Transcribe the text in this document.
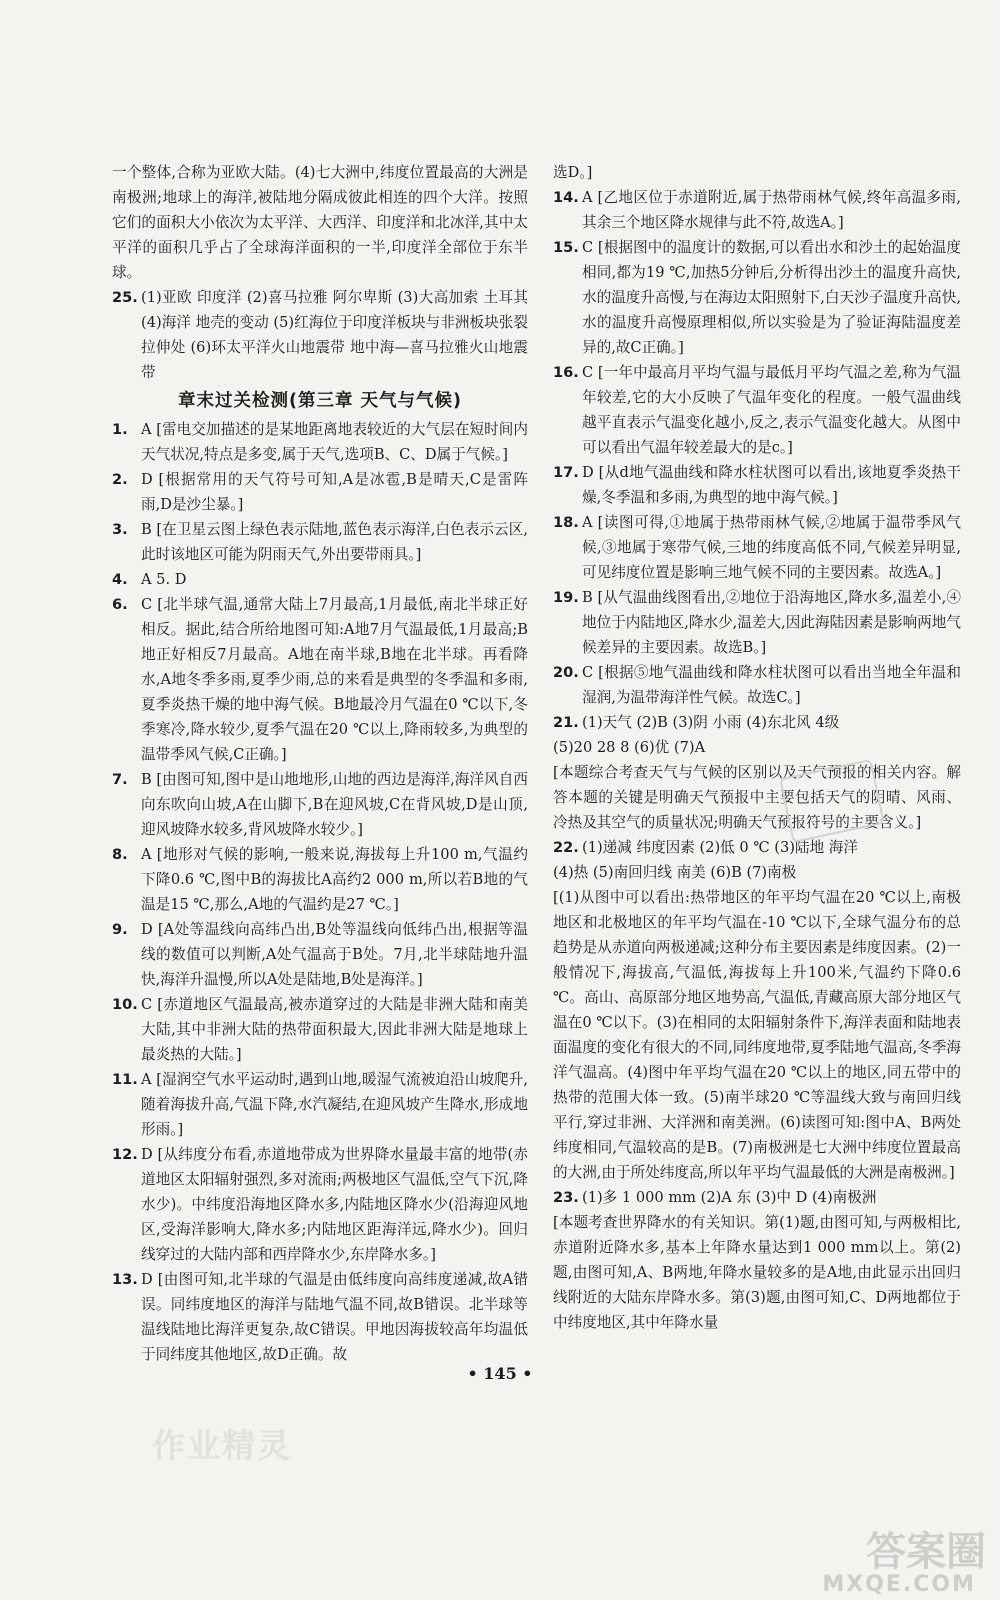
一个整体,合称为亚欧大陆。(4)七大洲中,纬度位置最高的大洲是南极洲;地球上的海洋,被陆地分隔成彼此相连的四个大洋。按照它们的面积大小依次为太平洋、大西洋、印度洋和北冰洋,其中太平洋的面积几乎占了全球海洋面积的一半,印度洋全部位于东半球。
25. (1)亚欧 印度洋 (2)喜马拉雅 阿尔卑斯 (3)大高加索 土耳其 (4)海洋 地壳的变动 (5)红海位于印度洋板块与非洲板块张裂拉伸处 (6)环太平洋火山地震带 地中海—喜马拉雅火山地震带
章末过关检测(第三章 天气与气候)
1. A [雷电交加描述的是某地距离地表较近的大气层在短时间内天气状况,特点是多变,属于天气,选项B、C、D属于气候。]
2. D [根据常用的天气符号可知,A是冰雹,B是晴天,C是雷阵雨,D是沙尘暴。]
3. B [在卫星云图上绿色表示陆地,蓝色表示海洋,白色表示云区,此时该地区可能为阴雨天气,外出要带雨具。]
4. A 5. D
6. C [北半球气温,通常大陆上7月最高,1月最低,南北半球正好相反。据此,结合所给地图可知:A地7月气温最低,1月最高;B地正好相反7月最高。A地在南半球,B地在北半球。再看降水,A地冬季多雨,夏季少雨,总的来看是典型的冬季温和多雨,夏季炎热干燥的地中海气候。B地最冷月气温在0 ℃以下,冬季寒冷,降水较少,夏季气温在20 ℃以上,降雨较多,为典型的温带季风气候,C正确。]
7. B [由图可知,图中是山地地形,山地的西边是海洋,海洋风自西向东吹向山坡,A在山脚下,B在迎风坡,C在背风坡,D是山顶,迎风坡降水较多,背风坡降水较少。]
8. A [地形对气候的影响,一般来说,海拔每上升100 m,气温约下降0.6 ℃,图中B的海拔比A高约2 000 m,所以若B地的气温是15 ℃,那么,A地的气温约是27 ℃。]
9. D [A处等温线向高纬凸出,B处等温线向低纬凸出,根据等温线的数值可以判断,A处气温高于B处。7月,北半球陆地升温快,海洋升温慢,所以A处是陆地,B处是海洋。]
10. C [赤道地区气温最高,被赤道穿过的大陆是非洲大陆和南美大陆,其中非洲大陆的热带面积最大,因此非洲大陆是地球上最炎热的大陆。]
11. A [湿润空气水平运动时,遇到山地,暖湿气流被迫沿山坡爬升,随着海拔升高,气温下降,水汽凝结,在迎风坡产生降水,形成地形雨。]
12. D [从纬度分布看,赤道地带成为世界降水量最丰富的地带(赤道地区太阳辐射强烈,多对流雨;两极地区气温低,空气下沉,降水少)。中纬度沿海地区降水多,内陆地区降水少(沿海迎风地区,受海洋影响大,降水多;内陆地区距海洋远,降水少)。回归线穿过的大陆内部和西岸降水少,东岸降水多。]
13. D [由图可知,北半球的气温是由低纬度向高纬度递减,故A错误。同纬度地区的海洋与陆地气温不同,故B错误。北半球等温线陆地比海洋更复杂,故C错误。甲地因海拔较高年均温低于同纬度其他地区,故D正确。故
选D。]
14. A [乙地区位于赤道附近,属于热带雨林气候,终年高温多雨,其余三个地区降水规律与此不符,故选A。]
15. C [根据图中的温度计的数据,可以看出水和沙土的起始温度相同,都为19 ℃,加热5分钟后,分析得出沙土的温度升高快,水的温度升高慢,与在海边太阳照射下,白天沙子温度升高快,水的温度升高慢原理相似,所以实验是为了验证海陆温度差异的,故C正确。]
16. C [一年中最高月平均气温与最低月平均气温之差,称为气温年较差,它的大小反映了气温年变化的程度。一般气温曲线越平直表示气温变化越小,反之,表示气温变化越大。从图中可以看出气温年较差最大的是c。]
17. D [从d地气温曲线和降水柱状图可以看出,该地夏季炎热干燥,冬季温和多雨,为典型的地中海气候。]
18. A [读图可得,①地属于热带雨林气候,②地属于温带季风气候,③地属于寒带气候,三地的纬度高低不同,气候差异明显,可见纬度位置是影响三地气候不同的主要因素。故选A。]
19. B [从气温曲线图看出,②地位于沿海地区,降水多,温差小,④地位于内陆地区,降水少,温差大,因此海陆因素是影响两地气候差异的主要因素。故选B。]
20. C [根据⑤地气温曲线和降水柱状图可以看出当地全年温和湿润,为温带海洋性气候。故选C。]
21. (1)天气 (2)B (3)阴 小雨 (4)东北风 4级
(5)20 28 8 (6)优 (7)A
[本题综合考查天气与气候的区别以及天气预报的相关内容。解答本题的关键是明确天气预报中主要包括天气的阴晴、风雨、冷热及其空气的质量状况;明确天气预报符号的主要含义。]
22. (1)递减 纬度因素 (2)低 0 ℃ (3)陆地 海洋
(4)热 (5)南回归线 南美 (6)B (7)南极
[(1)从图中可以看出:热带地区的年平均气温在20 ℃以上,南极地区和北极地区的年平均气温在-10 ℃以下,全球气温分布的总趋势是从赤道向两极递减;这种分布主要因素是纬度因素。(2)一般情况下,海拔高,气温低,海拔每上升100米,气温约下降0.6 ℃。高山、高原部分地区地势高,气温低,青藏高原大部分地区气温在0 ℃以下。(3)在相同的太阳辐射条件下,海洋表面和陆地表面温度的变化有很大的不同,同纬度地带,夏季陆地气温高,冬季海洋气温高。(4)图中年平均气温在20 ℃以上的地区,同五带中的热带的范围大体一致。(5)南半球20 ℃等温线大致与南回归线平行,穿过非洲、大洋洲和南美洲。(6)读图可知:图中A、B两处纬度相同,气温较高的是B。(7)南极洲是七大洲中纬度位置最高的大洲,由于所处纬度高,所以年平均气温最低的大洲是南极洲。]
23. (1)多 1 000 mm (2)A 东 (3)中 D (4)南极洲
[本题考查世界降水的有关知识。第(1)题,由图可知,与两极相比,赤道附近降水多,基本上年降水量达到1 000 mm以上。第(2)题,由图可知,A、B两地,年降水量较多的是A地,由此显示出回归线附近的大陆东岸降水多。第(3)题,由图可知,C、D两地都位于中纬度地区,其中年降水量
• 145 •
作业精灵
答案圈
MXQE.COM
